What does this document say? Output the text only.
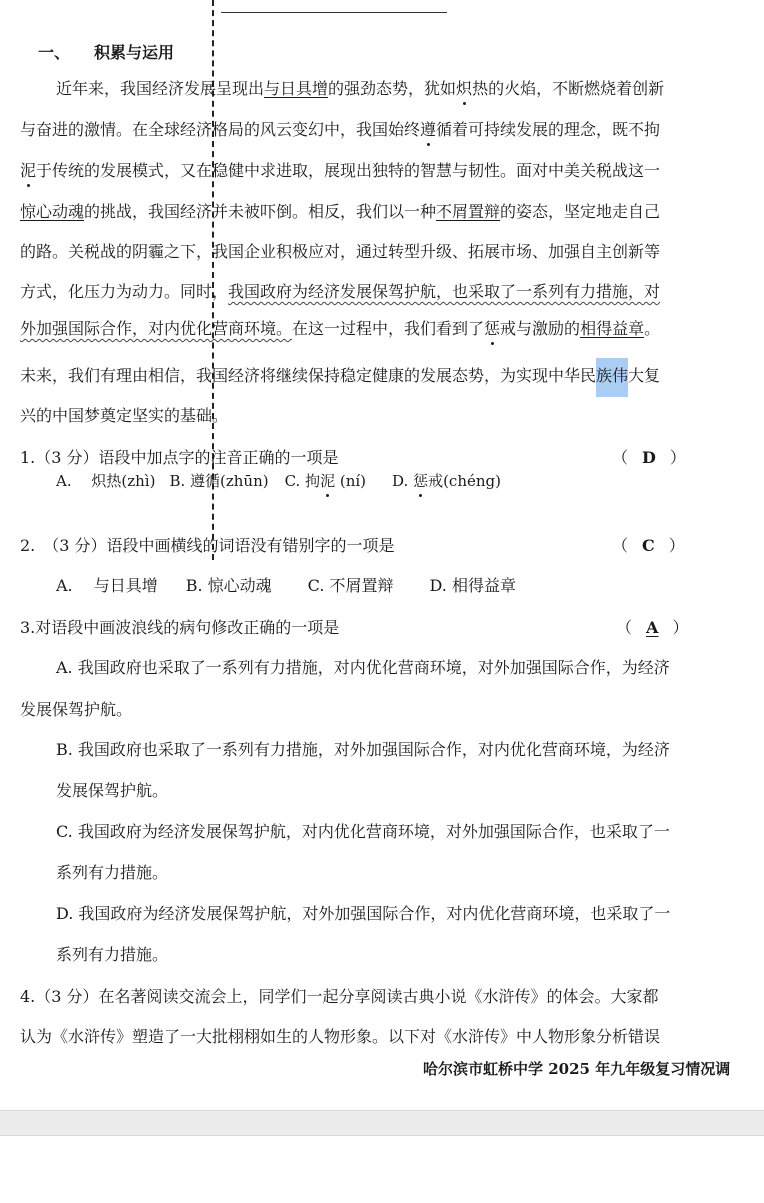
一、 积累与运用
近年来，我国经济发展呈现出与日具增的强劲态势，犹如炽热的火焰，不断燃烧着创新
与奋进的激情。在全球经济格局的风云变幻中，我国始终遵循着可持续发展的理念，既不拘
泥于传统的发展模式，又在稳健中求进取，展现出独特的智慧与韧性。面对中美关税战这一
惊心动魂的挑战，我国经济并未被吓倒。相反，我们以一种不屑置辩的姿态，坚定地走自己
的路。关税战的阴霾之下，我国企业积极应对，通过转型升级、拓展市场、加强自主创新等
方式，化压力为动力。同时，我国政府为经济发展保驾护航，也采取了一系列有力措施，对
外加强国际合作，对内优化营商环境。在这一过程中，我们看到了惩戒与激励的相得益章。
未来，我们有理由相信，我国经济将继续保持稳定健康的发展态势，为实现中华民族伟大复
兴的中国梦奠定坚实的基础。
1.（3 分）语段中加点字的注音正确的一项是	（ D ）
A.　 炽热(zhì) B. 遵循(zhūn) C. 拘泥 (ní) D. 惩戒(chéng)
2.　（3 分）语段中画横线的词语没有错别字的一项是	（ C ）
A.　 与日具增 B. 惊心动魂 C. 不屑置辩 D. 相得益章
3.对语段中画波浪线的病句修改正确的一项是	（ A ）
A. 我国政府也采取了一系列有力措施，对内优化营商环境，对外加强国际合作，为经济
发展保驾护航。
B. 我国政府也采取了一系列有力措施，对外加强国际合作，对内优化营商环境，为经济
发展保驾护航。
C. 我国政府为经济发展保驾护航，对内优化营商环境，对外加强国际合作，也采取了一
系列有力措施。
D. 我国政府为经济发展保驾护航，对外加强国际合作，对内优化营商环境，也采取了一
系列有力措施。
4.（3 分）在名著阅读交流会上，同学们一起分享阅读古典小说《水浒传》的体会。大家都
认为《水浒传》塑造了一大批栩栩如生的人物形象。以下对《水浒传》中人物形象分析错误
哈尔滨市虹桥中学 2025 年九年级复习情况调
